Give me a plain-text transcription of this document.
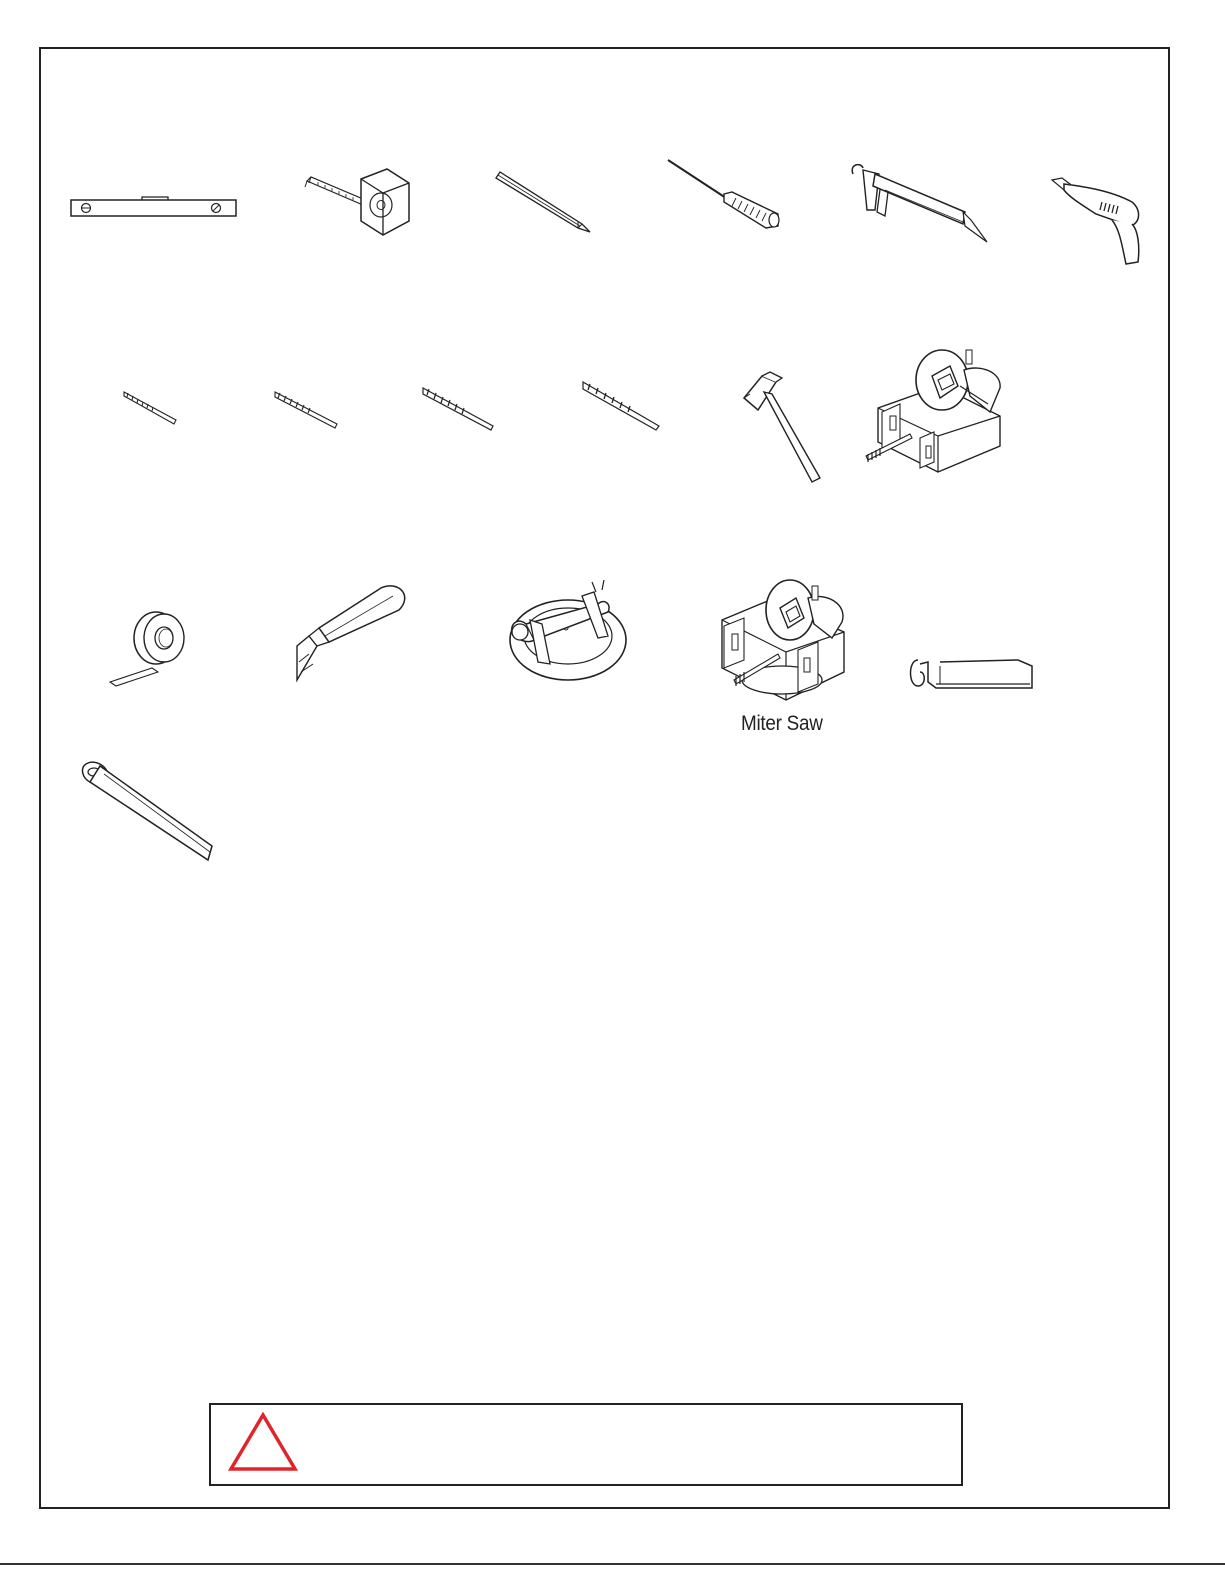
Miter Saw
